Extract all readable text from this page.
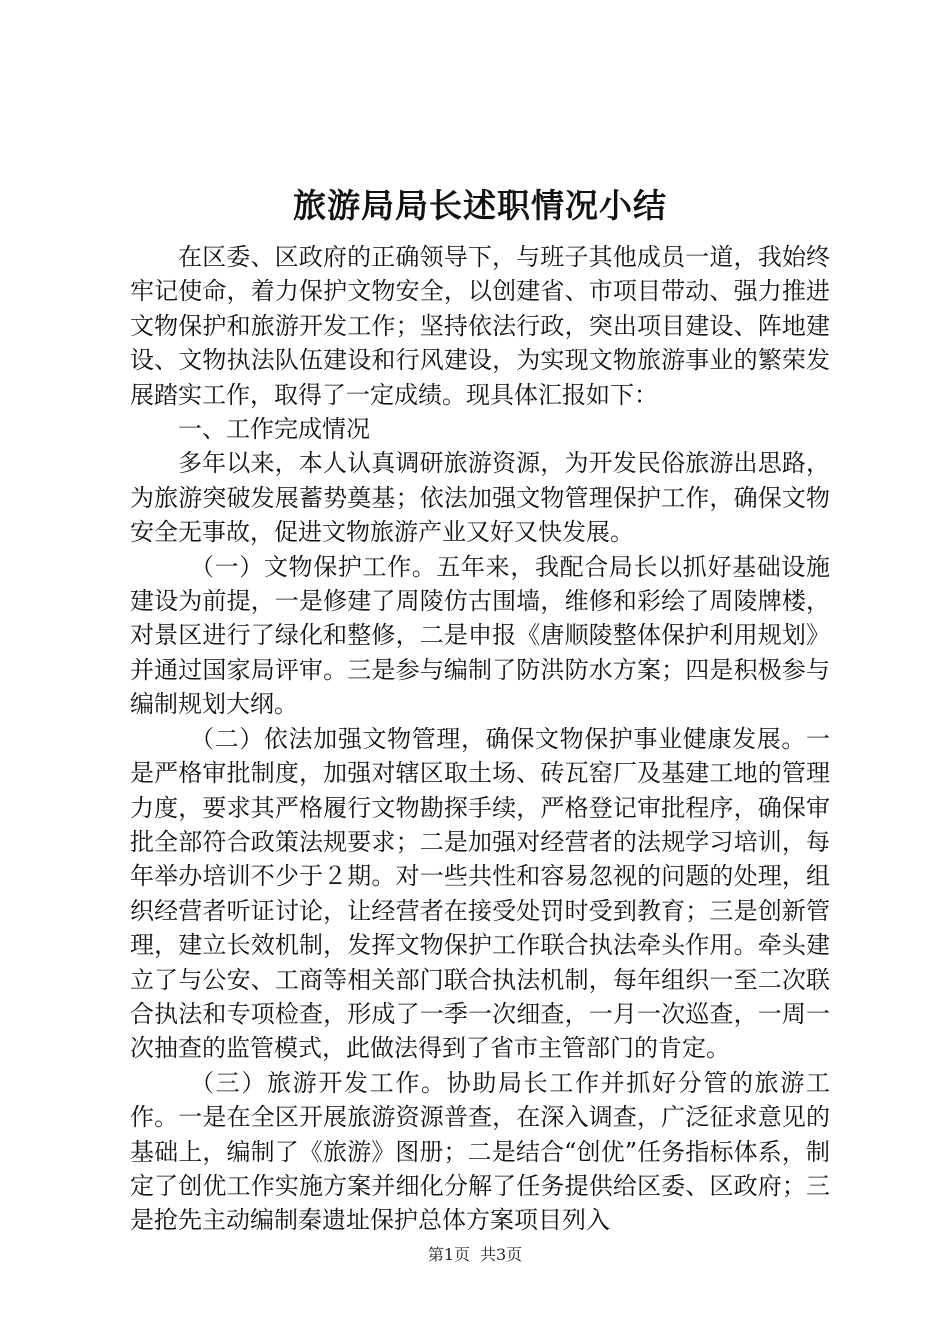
旅游局局长述职情况小结

在区委、区政府的正确领导下，与班子其他成员一道，我始终牢记使命，着力保护文物安全，以创建省、市项目带动、强力推进文物保护和旅游开发工作；坚持依法行政，突出项目建设、阵地建设、文物执法队伍建设和行风建设，为实现文物旅游事业的繁荣发展踏实工作，取得了一定成绩。现具体汇报如下：

一、工作完成情况

多年以来，本人认真调研旅游资源，为开发民俗旅游出思路，为旅游突破发展蓄势奠基；依法加强文物管理保护工作，确保文物安全无事故，促进文物旅游产业又好又快发展。

（一）文物保护工作。五年来，我配合局长以抓好基础设施建设为前提，一是修建了周陵仿古围墙，维修和彩绘了周陵牌楼，对景区进行了绿化和整修，二是申报《唐顺陵整体保护利用规划》并通过国家局评审。三是参与编制了防洪防水方案；四是积极参与编制规划大纲。

（二）依法加强文物管理，确保文物保护事业健康发展。一是严格审批制度，加强对辖区取土场、砖瓦窑厂及基建工地的管理力度，要求其严格履行文物勘探手续，严格登记审批程序，确保审批全部符合政策法规要求；二是加强对经营者的法规学习培训，每年举办培训不少于２期。对一些共性和容易忽视的问题的处理，组织经营者听证讨论，让经营者在接受处罚时受到教育；三是创新管理，建立长效机制，发挥文物保护工作联合执法牵头作用。牵头建立了与公安、工商等相关部门联合执法机制，每年组织一至二次联合执法和专项检查，形成了一季一次细查，一月一次巡查，一周一次抽查的监管模式，此做法得到了省市主管部门的肯定。

（三）旅游开发工作。协助局长工作并抓好分管的旅游工作。一是在全区开展旅游资源普查，在深入调查，广泛征求意见的基础上，编制了《旅游》图册；二是结合“创优”任务指标体系，制定了创优工作实施方案并细化分解了任务提供给区委、区政府；三是抢先主动编制秦遗址保护总体方案项目列入

第1页 共3页
